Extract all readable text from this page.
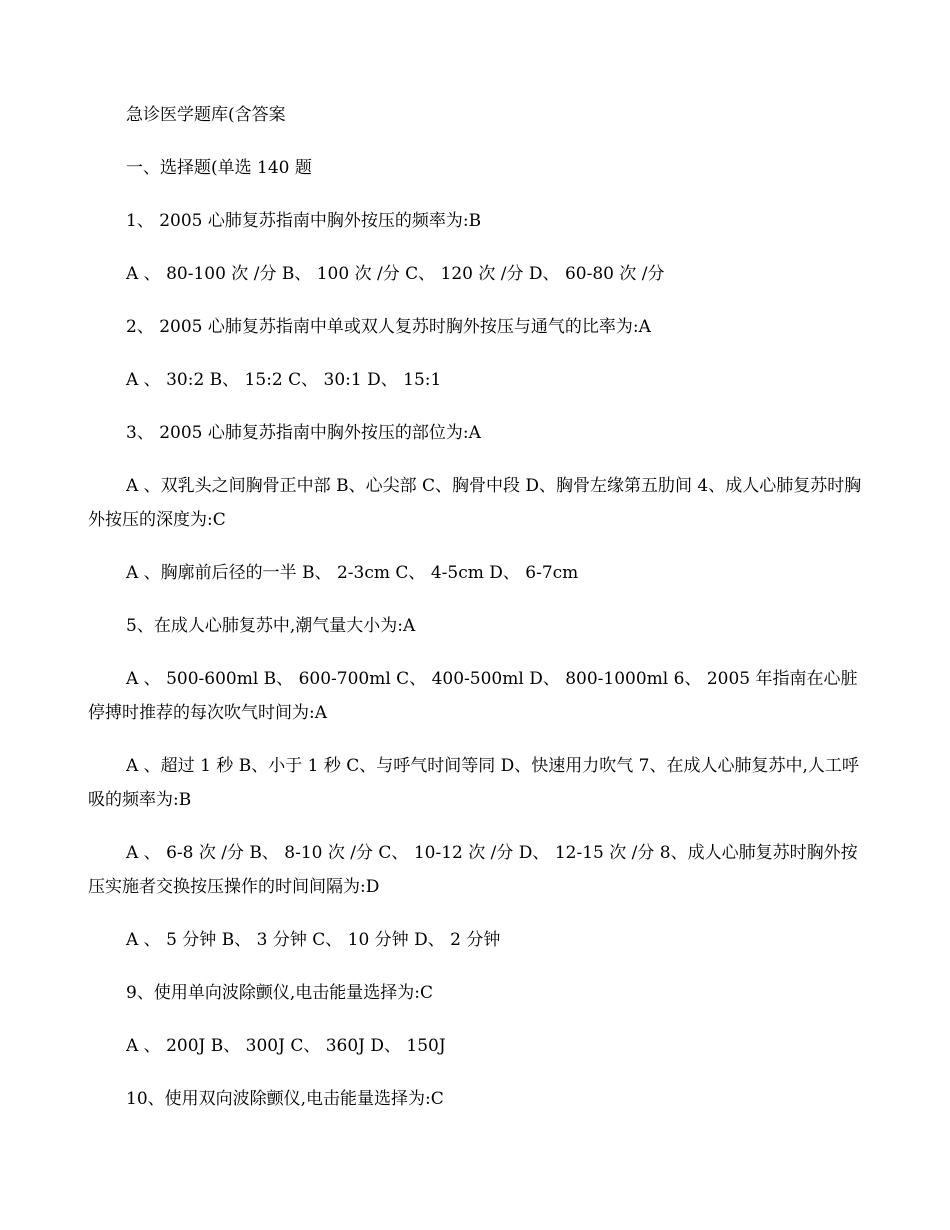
急诊医学题库(含答案

一、选择题(单选 140 题

1、 2005 心肺复苏指南中胸外按压的频率为:B

A 、 80-100 次 /分 B、 100 次 /分 C、 120 次 /分 D、 60-80 次 /分

2、 2005 心肺复苏指南中单或双人复苏时胸外按压与通气的比率为:A

A 、 30:2 B、 15:2 C、 30:1 D、 15:1

3、 2005 心肺复苏指南中胸外按压的部位为:A

A 、双乳头之间胸骨正中部 B、心尖部 C、胸骨中段 D、胸骨左缘第五肋间 4、成人心肺复苏时胸外按压的深度为:C

A 、胸廓前后径的一半 B、 2-3cm C、 4-5cm D、 6-7cm

5、在成人心肺复苏中,潮气量大小为:A

A 、 500-600ml B、 600-700ml C、 400-500ml D、 800-1000ml 6、 2005 年指南在心脏停搏时推荐的每次吹气时间为:A

A 、超过 1 秒 B、小于 1 秒 C、与呼气时间等同 D、快速用力吹气 7、在成人心肺复苏中,人工呼吸的频率为:B

A 、 6-8 次 /分 B、 8-10 次 /分 C、 10-12 次 /分 D、 12-15 次 /分 8、成人心肺复苏时胸外按压实施者交换按压操作的时间间隔为:D

A 、 5 分钟 B、 3 分钟 C、 10 分钟 D、 2 分钟

9、使用单向波除颤仪,电击能量选择为:C

A 、 200J B、 300J C、 360J D、 150J

10、使用双向波除颤仪,电击能量选择为:C
